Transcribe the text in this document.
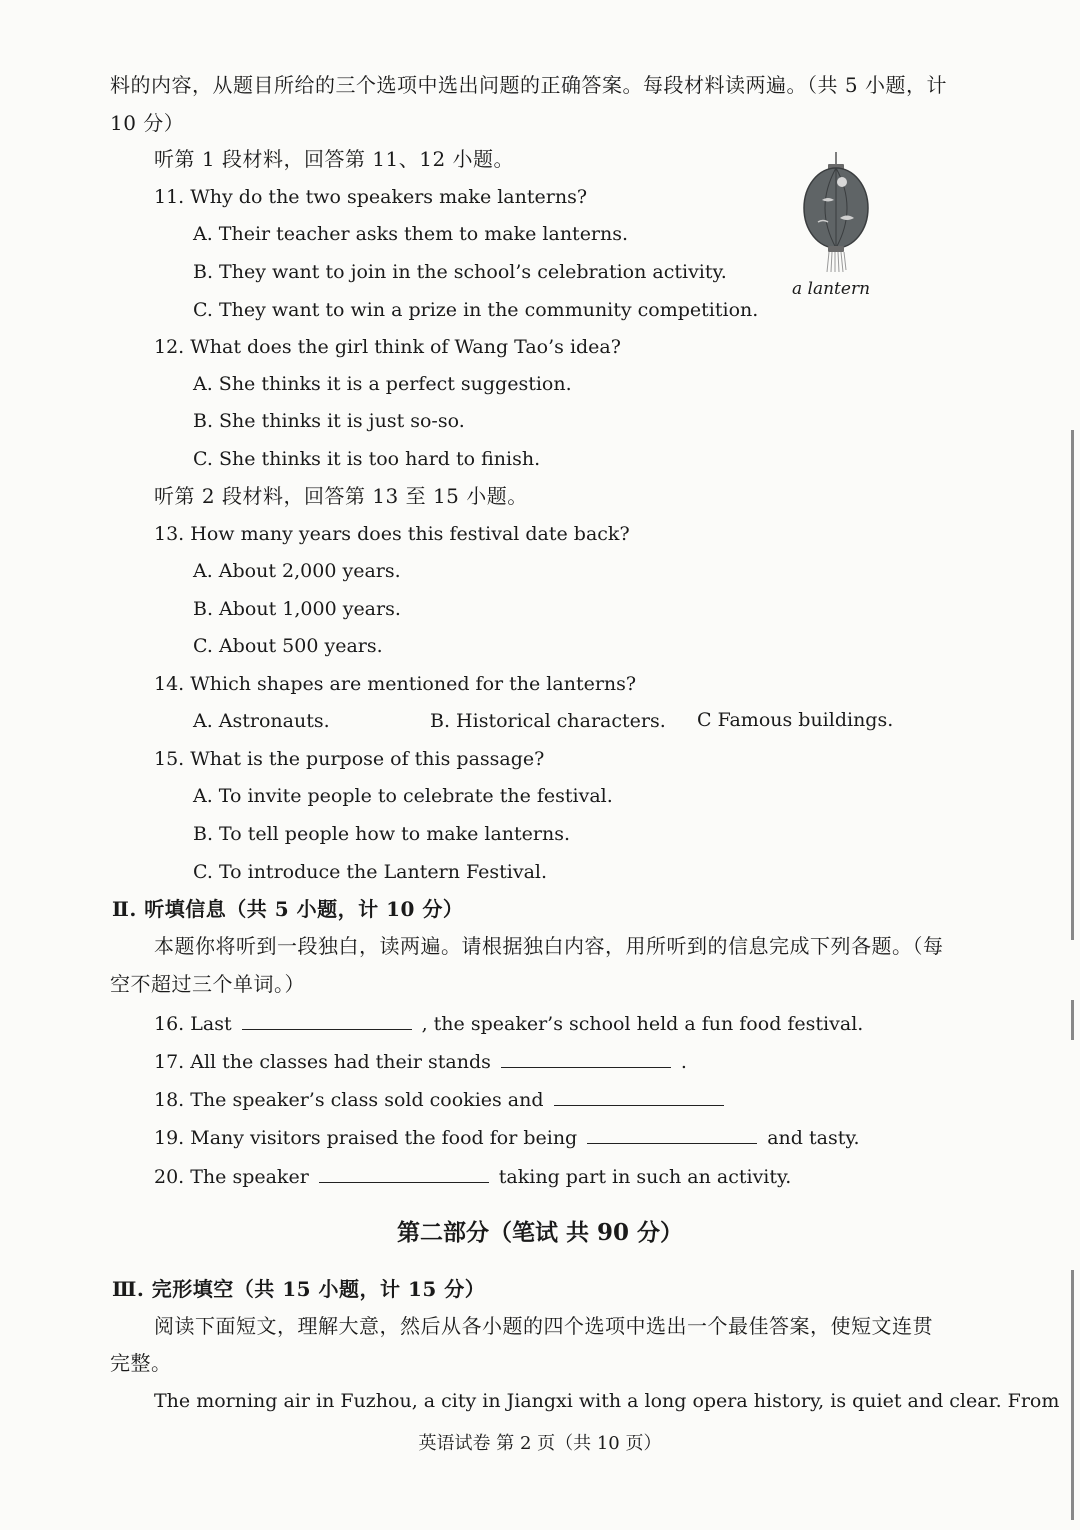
料的内容，从题目所给的三个选项中选出问题的正确答案。每段材料读两遍。（共 5 小题，计
10 分）
听第 1 段材料，回答第 11、12 小题。
11. Why do the two speakers make lanterns?
A. Their teacher asks them to make lanterns.
B. They want to join in the school’s celebration activity.
C. They want to win a prize in the community competition.
a lantern
12. What does the girl think of Wang Tao’s idea?
A. She thinks it is a perfect suggestion.
B. She thinks it is just so-so.
C. She thinks it is too hard to finish.
听第 2 段材料，回答第 13 至 15 小题。
13. How many years does this festival date back?
A. About 2,000 years.
B. About 1,000 years.
C. About 500 years.
14. Which shapes are mentioned for the lanterns?
A. Astronauts.	B. Historical characters. C Famous buildings.
15. What is the purpose of this passage?
A. To invite people to celebrate the festival.
B. To tell people how to make lanterns.
C. To introduce the Lantern Festival.
Ⅱ. 听填信息（共 5 小题，计 10 分）
本题你将听到一段独白，读两遍。请根据独白内容，用所听到的信息完成下列各题。（每
空不超过三个单词。）
16. Last	, the speaker’s school held a fun food festival.
17. All the classes had their stands	.
18. The speaker’s class sold cookies and
19. Many visitors praised the food for being	and tasty.
20. The speaker	taking part in such an activity.
第二部分（笔试 共 90 分）
Ⅲ. 完形填空（共 15 小题，计 15 分）
阅读下面短文，理解大意，然后从各小题的四个选项中选出一个最佳答案，使短文连贯
完整。
The morning air in Fuzhou, a city in Jiangxi with a long opera history, is quiet and clear. From
英语试卷 第 2 页（共 10 页）
